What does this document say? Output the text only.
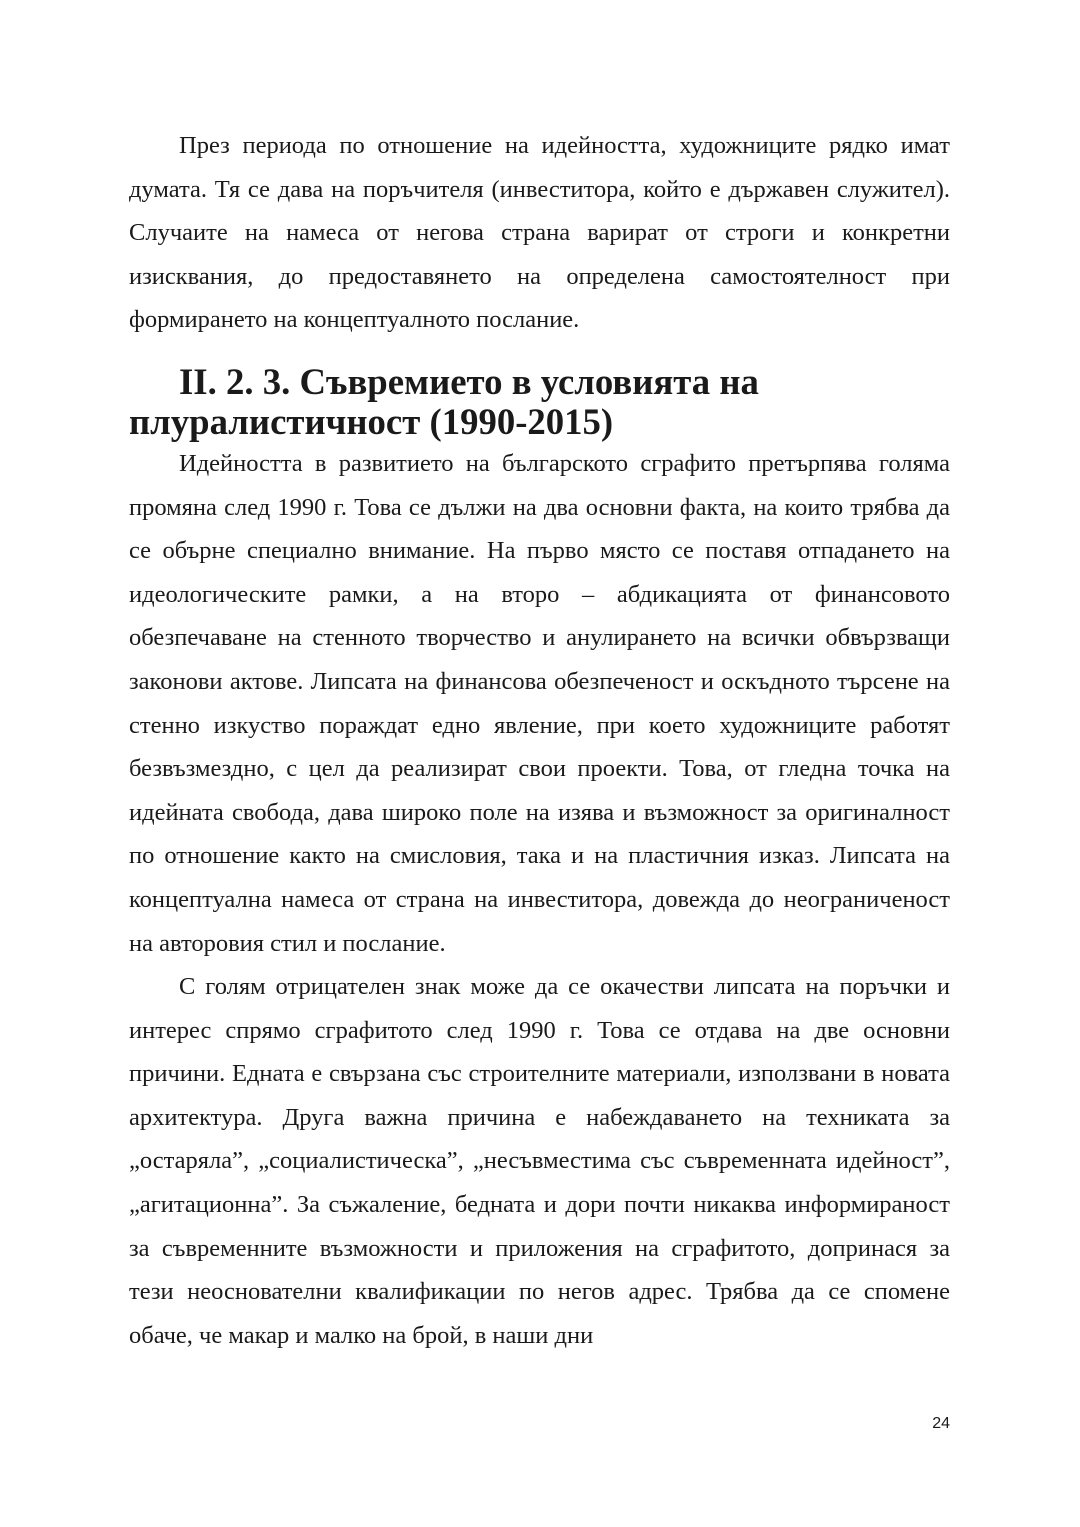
През периода по отношение на идейността, художниците рядко имат думата. Тя се дава на поръчителя (инвеститора, който е държавен служител). Случаите на намеса от негова страна варират от строги и конкретни изисквания, до предоставянето на определена самостоятелност при формирането на концептуалното послание.

II. 2. 3. Съвремието в условията на плуралистичност (1990-2015)

Идейността в развитието на българското сграфито претърпява голяма промяна след 1990 г. Това се дължи на два основни факта, на които трябва да се обърне специално внимание. На първо място се поставя отпадането на идеологическите рамки, а на второ – абдикацията от финансовото обезпечаване на стенното творчество и анулирането на всички обвързващи законови актове. Липсата на финансова обезпеченост и оскъдното търсене на стенно изкуство пораждат едно явление, при което художниците работят безвъзмездно, с цел да реализират свои проекти. Това, от гледна точка на идейната свобода, дава широко поле на изява и възможност за оригиналност по отношение както на смисловия, така и на пластичния изказ. Липсата на концептуална намеса от страна на инвеститора, довежда до неограниченост на авторовия стил и послание.

С голям отрицателен знак може да се окачестви липсата на поръчки и интерес спрямо сграфитото след 1990 г. Това се отдава на две основни причини. Едната е свързана със строителните материали, използвани в новата архитектура. Друга важна причина е набеждаването на техниката за „остаряла”, „социалистическа”, „несъвместима със съвременната идейност”, „агитационна”. За съжаление, бедната и дори почти никаква информираност за съвременните възможности и приложения на сграфитото, допринася за тези неоснователни квалификации по негов адрес. Трябва да се спомене обаче, че макар и малко на брой, в наши дни

24
